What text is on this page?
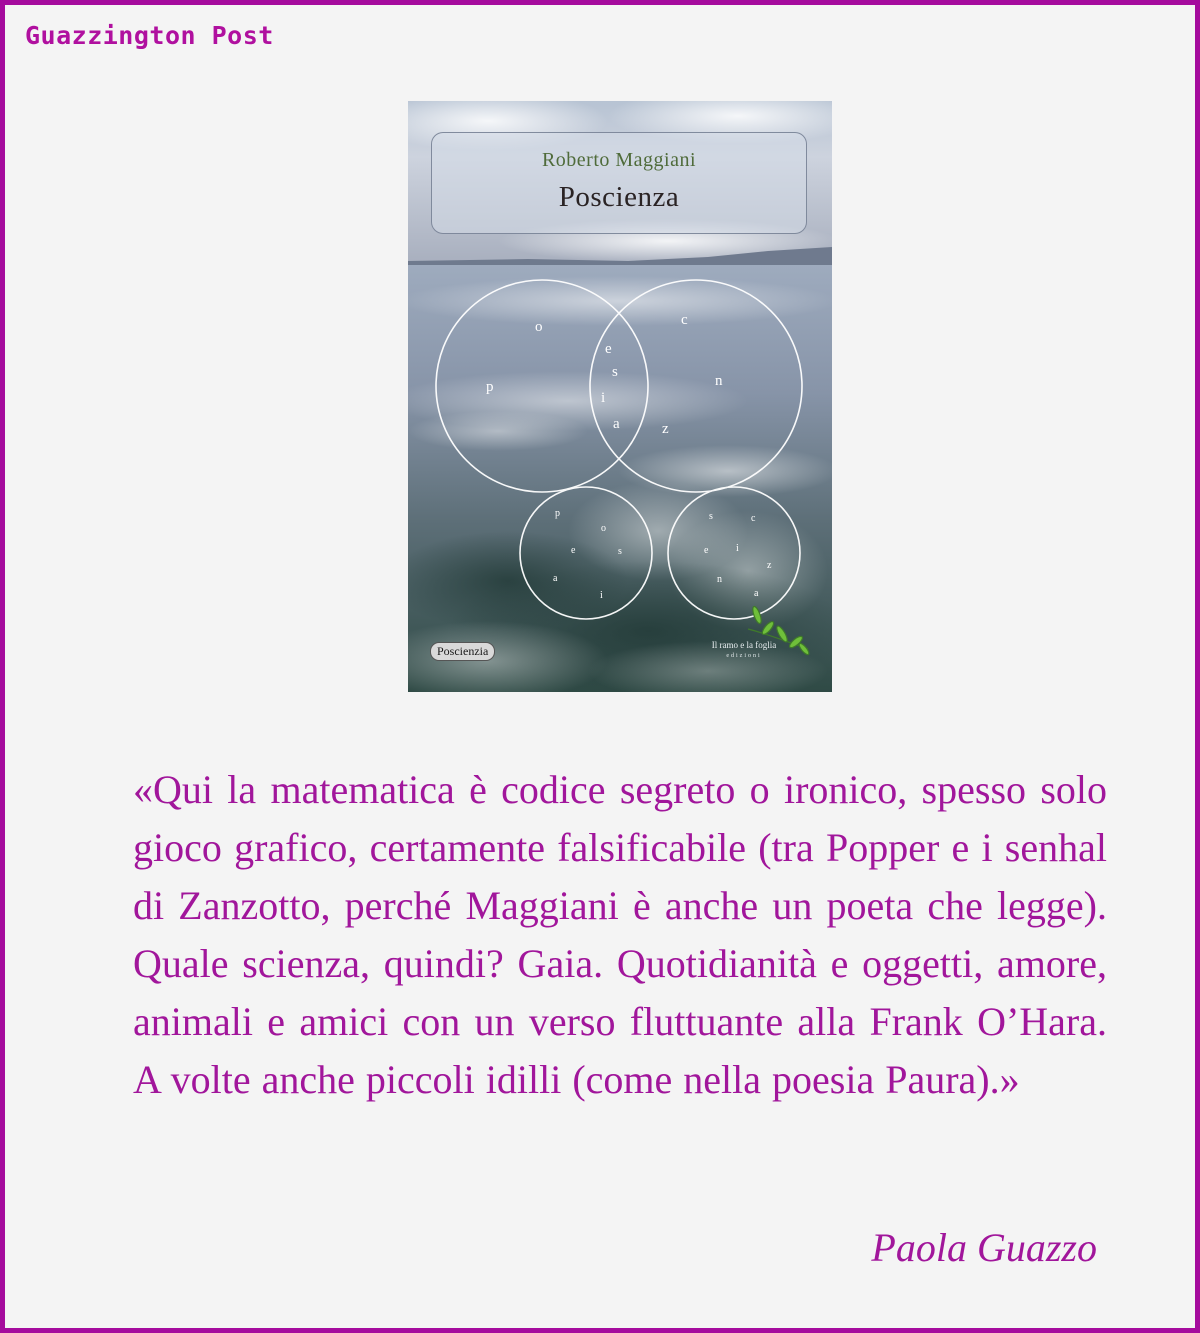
Guazzington Post
o
p
e
s
i
a
c
n
z
p
o
e	s
a
i
s	c
e	i
z
n
a
Roberto Maggiani
Poscienza
Poscienzia	Il ramo e la foglia
edizioni
«Qui la matematica è codice segreto o ironico, spesso solo gioco grafico, certamente falsificabile (tra Popper e i senhal di Zanzotto, perché Maggiani è anche un poeta che legge). Quale scienza, quindi? Gaia. Quotidianità e oggetti, amore, animali e amici con un verso fluttuante alla Frank O’Hara. A volte anche piccoli idilli (come nella poesia Paura).»
Paola Guazzo
